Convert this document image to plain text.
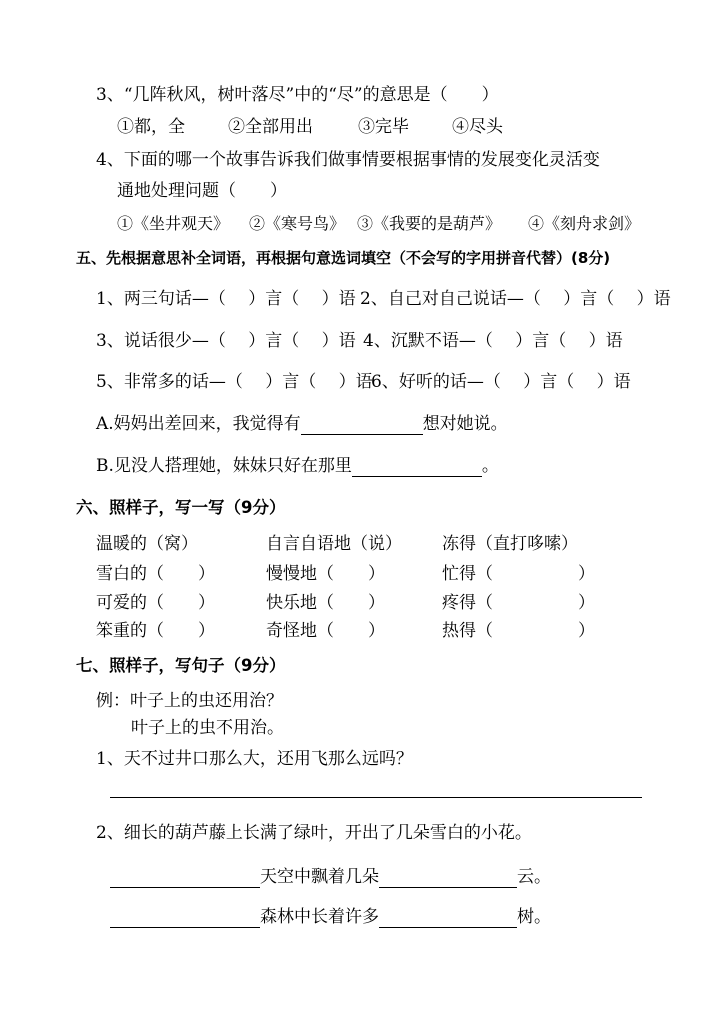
3、“几阵秋风，树叶落尽”中的“尽”的意思是（　　）
①都，全	②全部用出	③完毕	④尽头
4、下面的哪一个故事告诉我们做事情要根据事情的发展变化灵活变
通地处理问题（　　）
①《坐井观天》 ②《寒号鸟》 ③《我要的是葫芦》 ④《刻舟求剑》
五、先根据意思补全词语，再根据句意选词填空（不会写的字用拼音代替）(8分)
1、两三句话—（　 ）言（　 ）语 2、自己对自己说话—（　 ）言（　 ）语
3、说话很少—（　 ）言（　 ）语 4、沉默不语—（　 ）言（　 ）语
5、非常多的话—（　 ）言（　 ）语
6、好听的话—（　 ）言（　 ）语
A.妈妈出差回来，我觉得有	想对她说。
B.见没人搭理她，妹妹只好在那里	。
六、照样子，写一写（9分）
温暖的（窝）	自言自语地（说） 冻得（直打哆嗦）
雪白的（　　）	慢慢地（　　）	忙得（　　　　　）
可爱的（　　）	快乐地（　　）	疼得（　　　　　）
笨重的（　　）	奇怪地（　　）	热得（　　　　　）
七、照样子，写句子（9分）
例：叶子上的虫还用治？
叶子上的虫不用治。
1、天不过井口那么大，还用飞那么远吗？
2、细长的葫芦藤上长满了绿叶，开出了几朵雪白的小花。
天空中飘着几朵	云。
森林中长着许多	树。
